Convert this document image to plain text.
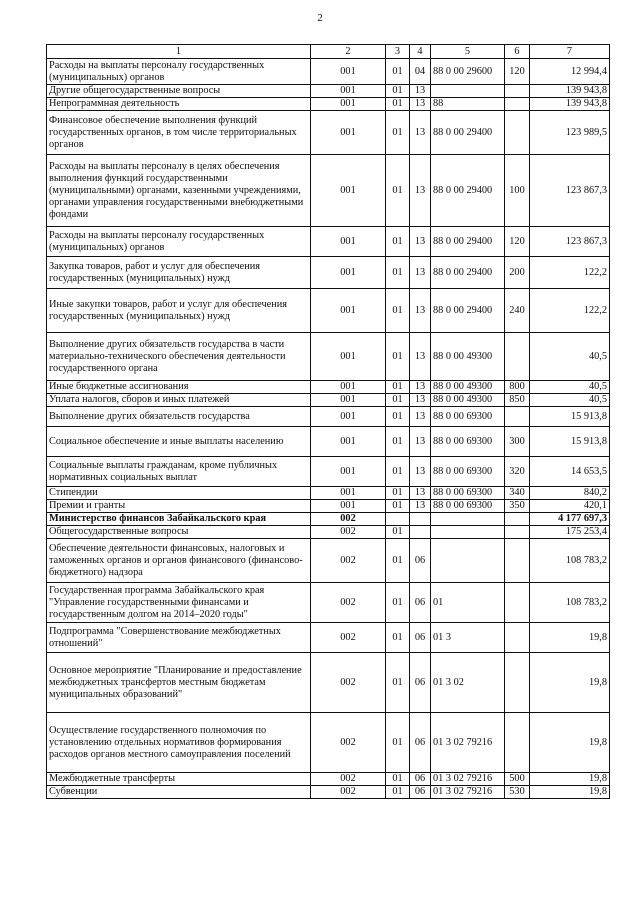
2
1	2	3	4	5	6	7
Расходы на выплаты персоналу государственных (муниципальных) органов	001	01	04	88 0 00 29600	120	12 994,4
Другие общегосударственные вопросы	001	01	13			139 943,8
Непрограммная деятельность	001	01	13	88		139 943,8
Финансовое обеспечение выполнения функций государственных органов, в том числе территориальных органов	001	01	13	88 0 00 29400		123 989,5
Расходы на выплаты персоналу в целях обеспечения выполнения функций государственными (муниципальными) органами, казенными учреждениями, органами управления государственными внебюджетными фондами	001	01	13	88 0 00 29400	100	123 867,3
Расходы на выплаты персоналу государственных (муниципальных) органов	001	01	13	88 0 00 29400	120	123 867,3
Закупка товаров, работ и услуг для обеспечения государственных (муниципальных) нужд	001	01	13	88 0 00 29400	200	122,2
Иные закупки товаров, работ и услуг для обеспечения государственных (муниципальных) нужд	001	01	13	88 0 00 29400	240	122,2
Выполнение других обязательств государства в части материально-технического обеспечения деятельности государственного органа	001	01	13	88 0 00 49300		40,5
Иные бюджетные ассигнования	001	01	13	88 0 00 49300	800	40,5
Уплата налогов, сборов и иных платежей	001	01	13	88 0 00 49300	850	40,5
Выполнение других обязательств государства	001	01	13	88 0 00 69300		15 913,8
Социальное обеспечение и иные выплаты населению	001	01	13	88 0 00 69300	300	15 913,8
Социальные выплаты гражданам, кроме публичных нормативных социальных выплат	001	01	13	88 0 00 69300	320	14 653,5
Стипендии	001	01	13	88 0 00 69300	340	840,2
Премии и гранты	001	01	13	88 0 00 69300	350	420,1
Министерство финансов Забайкальского края	002					4 177 697,3
Общегосударственные вопросы	002	01				175 253,4
Обеспечение деятельности финансовых, налоговых и таможенных органов и органов финансового (финансово-бюджетного) надзора	002	01	06			108 783,2
Государственная программа Забайкальского края "Управление государственными финансами и государственным долгом на 2014–2020 годы"	002	01	06	01		108 783,2
Подпрограмма "Совершенствование межбюджетных отношений"	002	01	06	01 3		19,8
Основное мероприятие "Планирование и предоставление межбюджетных трансфертов местным бюджетам муниципальных образований"	002	01	06	01 3 02		19,8
Осуществление государственного полномочия по установлению отдельных нормативов формирования расходов органов местного самоуправления поселений	002	01	06	01 3 02 79216		19,8
Межбюджетные трансферты	002	01	06	01 3 02 79216	500	19,8
Субвенции	002	01	06	01 3 02 79216	530	19,8
